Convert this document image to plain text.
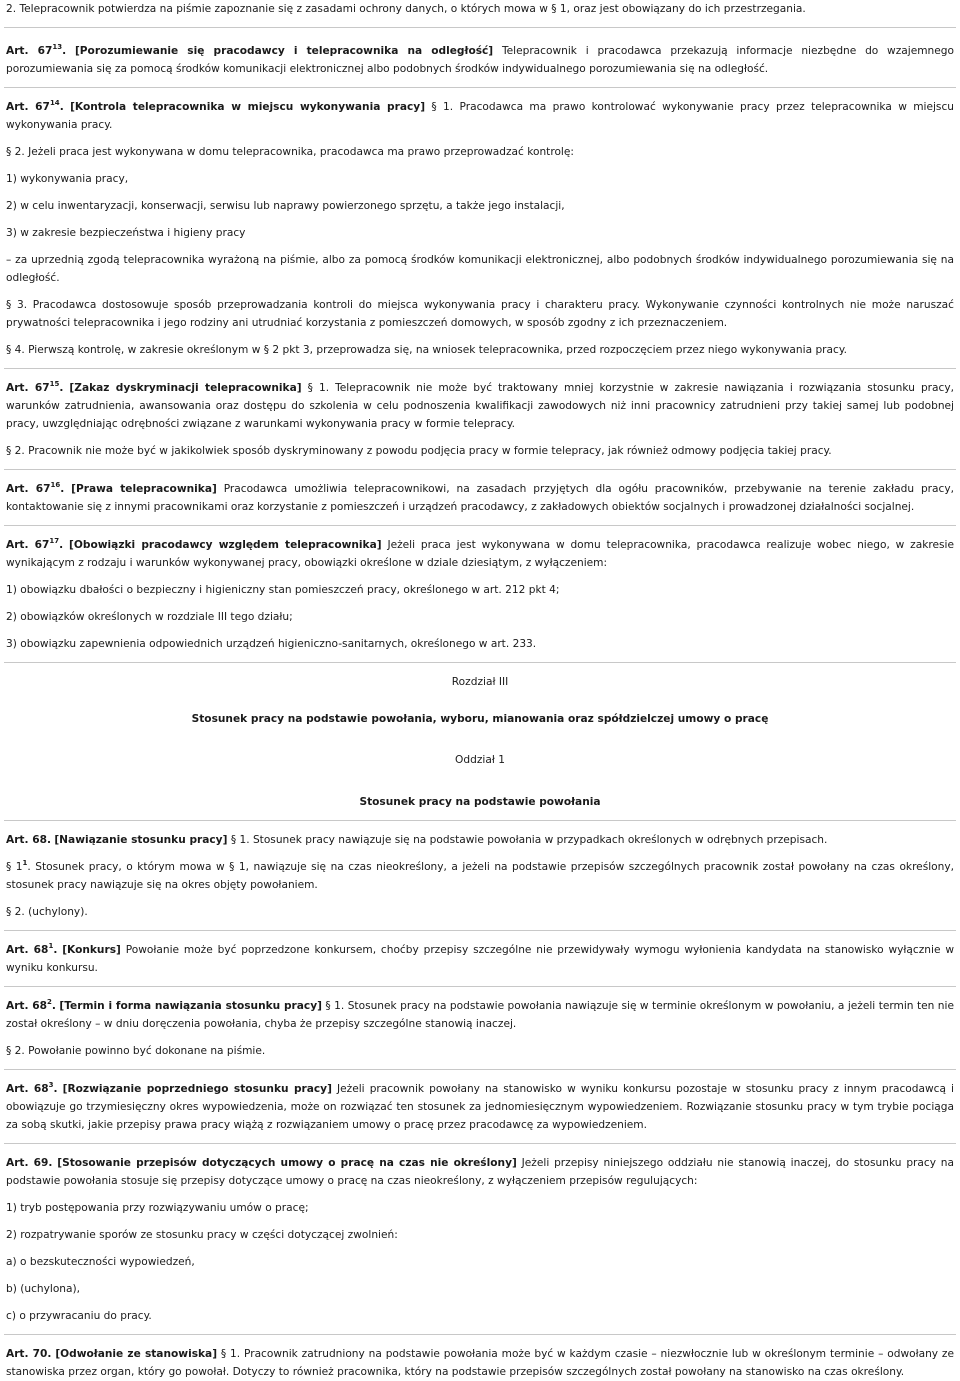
2. Telepracownik potwierdza na piśmie zapoznanie się z zasadami ochrony danych, o których mowa w § 1, oraz jest obowiązany do ich przestrzegania.

Art. $67^{13}$. [Porozumiewanie się pracodawcy i telepracownika na odległość] Telepracownik i pracodawca przekazują informacje niezbędne do wzajemnego porozumiewania się za pomocą środków komunikacji elektronicznej albo podobnych środków indywidualnego porozumiewania się na odległość.

Art. $67^{14}$. [Kontrola telepracownika w miejscu wykonywania pracy] § 1. Pracodawca ma prawo kontrolować wykonywanie pracy przez telepracownika w miejscu wykonywania pracy.

§ 2. Jeżeli praca jest wykonywana w domu telepracownika, pracodawca ma prawo przeprowadzać kontrolę:

1) wykonywania pracy,

2) w celu inwentaryzacji, konserwacji, serwisu lub naprawy powierzonego sprzętu, a także jego instalacji,

3) w zakresie bezpieczeństwa i higieny pracy

– za uprzednią zgodą telepracownika wyrażoną na piśmie, albo za pomocą środków komunikacji elektronicznej, albo podobnych środków indywidualnego porozumiewania się na odległość.

§ 3. Pracodawca dostosowuje sposób przeprowadzania kontroli do miejsca wykonywania pracy i charakteru pracy. Wykonywanie czynności kontrolnych nie może naruszać prywatności telepracownika i jego rodziny ani utrudniać korzystania z pomieszczeń domowych, w sposób zgodny z ich przeznaczeniem.

§ 4. Pierwszą kontrolę, w zakresie określonym w § 2 pkt 3, przeprowadza się, na wniosek telepracownika, przed rozpoczęciem przez niego wykonywania pracy.

Art. $67^{15}$. [Zakaz dyskryminacji telepracownika] § 1. Telepracownik nie może być traktowany mniej korzystnie w zakresie nawiązania i rozwiązania stosunku pracy, warunków zatrudnienia, awansowania oraz dostępu do szkolenia w celu podnoszenia kwalifikacji zawodowych niż inni pracownicy zatrudnieni przy takiej samej lub podobnej pracy, uwzględniając odrębności związane z warunkami wykonywania pracy w formie telepracy.

§ 2. Pracownik nie może być w jakikolwiek sposób dyskryminowany z powodu podjęcia pracy w formie telepracy, jak również odmowy podjęcia takiej pracy.

Art. $67^{16}$. [Prawa telepracownika] Pracodawca umożliwia telepracownikowi, na zasadach przyjętych dla ogółu pracowników, przebywanie na terenie zakładu pracy, kontaktowanie się z innymi pracownikami oraz korzystanie z pomieszczeń i urządzeń pracodawcy, z zakładowych obiektów socjalnych i prowadzonej działalności socjalnej.

Art. $67^{17}$. [Obowiązki pracodawcy względem telepracownika] Jeżeli praca jest wykonywana w domu telepracownika, pracodawca realizuje wobec niego, w zakresie wynikającym z rodzaju i warunków wykonywanej pracy, obowiązki określone w dziale dziesiątym, z wyłączeniem:

1) obowiązku dbałości o bezpieczny i higieniczny stan pomieszczeń pracy, określonego w art. 212 pkt 4;

2) obowiązków określonych w rozdziale III tego działu;

3) obowiązku zapewnienia odpowiednich urządzeń higieniczno-sanitarnych, określonego w art. 233.

Rozdział III

Stosunek pracy na podstawie powołania, wyboru, mianowania oraz spółdzielczej umowy o pracę

Oddział 1

Stosunek pracy na podstawie powołania

Art. 68. [Nawiązanie stosunku pracy] § 1. Stosunek pracy nawiązuje się na podstawie powołania w przypadkach określonych w odrębnych przepisach.

§ $1^1$. Stosunek pracy, o którym mowa w § 1, nawiązuje się na czas nieokreślony, a jeżeli na podstawie przepisów szczególnych pracownik został powołany na czas określony, stosunek pracy nawiązuje się na okres objęty powołaniem.

§ 2. (uchylony).

Art. $68^1$. [Konkurs] Powołanie może być poprzedzone konkursem, choćby przepisy szczególne nie przewidywały wymogu wyłonienia kandydata na stanowisko wyłącznie w wyniku konkursu.

Art. $68^2$. [Termin i forma nawiązania stosunku pracy] § 1. Stosunek pracy na podstawie powołania nawiązuje się w terminie określonym w powołaniu, a jeżeli termin ten nie został określony – w dniu doręczenia powołania, chyba że przepisy szczególne stanowią inaczej.

§ 2. Powołanie powinno być dokonane na piśmie.

Art. $68^3$. [Rozwiązanie poprzedniego stosunku pracy] Jeżeli pracownik powołany na stanowisko w wyniku konkursu pozostaje w stosunku pracy z innym pracodawcą i obowiązuje go trzymiesięczny okres wypowiedzenia, może on rozwiązać ten stosunek za jednomiesięcznym wypowiedzeniem. Rozwiązanie stosunku pracy w tym trybie pociąga za sobą skutki, jakie przepisy prawa pracy wiążą z rozwiązaniem umowy o pracę przez pracodawcę za wypowiedzeniem.

Art. 69. [Stosowanie przepisów dotyczących umowy o pracę na czas nie określony] Jeżeli przepisy niniejszego oddziału nie stanowią inaczej, do stosunku pracy na podstawie powołania stosuje się przepisy dotyczące umowy o pracę na czas nieokreślony, z wyłączeniem przepisów regulujących:

1) tryb postępowania przy rozwiązywaniu umów o pracę;

2) rozpatrywanie sporów ze stosunku pracy w części dotyczącej zwolnień:

a) o bezskuteczności wypowiedzeń,

b) (uchylona),

c) o przywracaniu do pracy.

Art. 70. [Odwołanie ze stanowiska] § 1. Pracownik zatrudniony na podstawie powołania może być w każdym czasie – niezwłocznie lub w określonym terminie – odwołany ze stanowiska przez organ, który go powołał. Dotyczy to również pracownika, który na podstawie przepisów szczególnych został powołany na stanowisko na czas określony.
